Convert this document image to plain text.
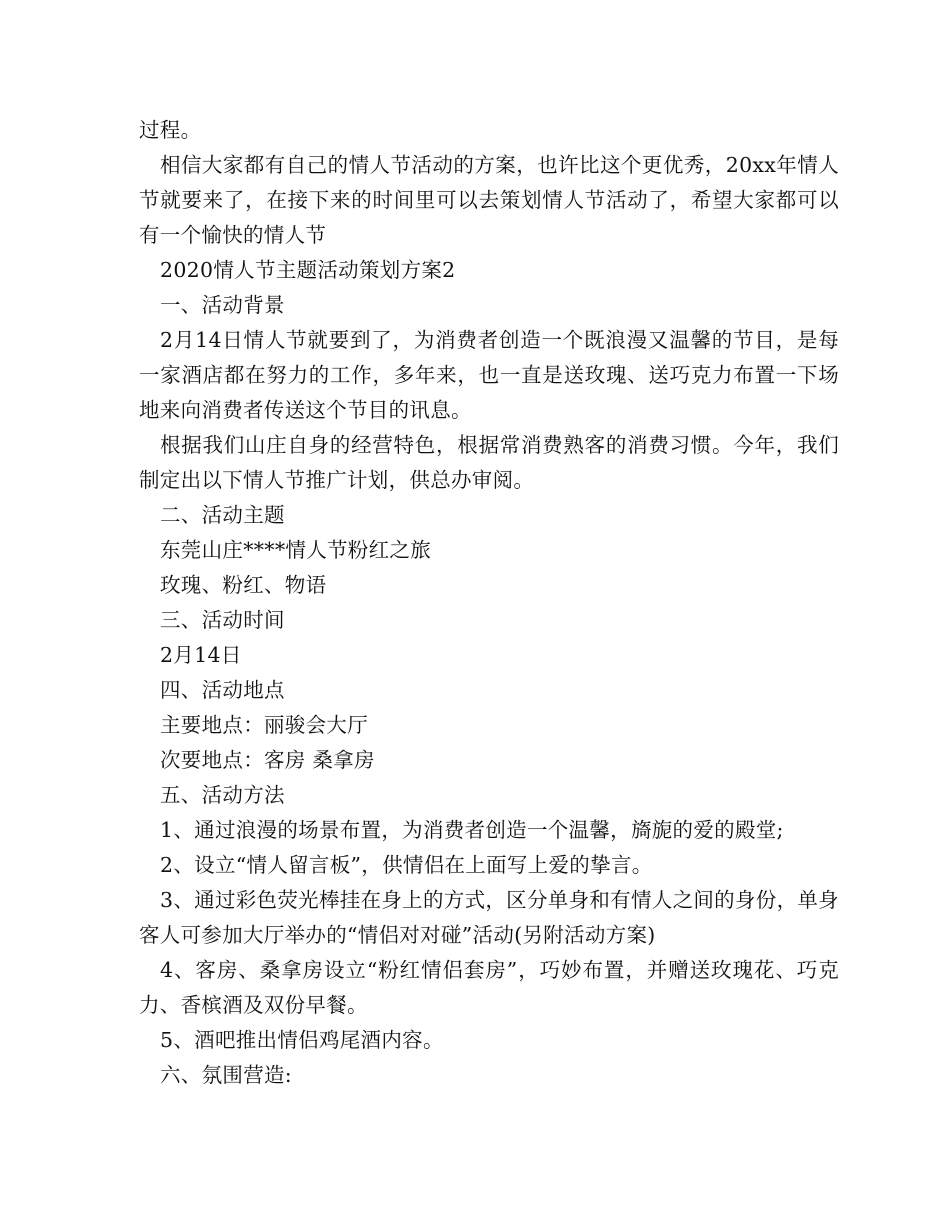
过程。

相信大家都有自己的情人节活动的方案，也许比这个更优秀，20xx年情人节就要来了，在接下来的时间里可以去策划情人节活动了，希望大家都可以有一个愉快的情人节

2020情人节主题活动策划方案2

一、活动背景

2月14日情人节就要到了，为消费者创造一个既浪漫又温馨的节目，是每一家酒店都在努力的工作，多年来，也一直是送玫瑰、送巧克力布置一下场地来向消费者传送这个节目的讯息。

根据我们山庄自身的经营特色，根据常消费熟客的消费习惯。今年，我们制定出以下情人节推广计划，供总办审阅。

二、活动主题

东莞山庄****情人节粉红之旅

玫瑰、粉红、物语

三、活动时间

2月14日

四、活动地点

主要地点：丽骏会大厅

次要地点：客房 桑拿房

五、活动方法

1、通过浪漫的场景布置，为消费者创造一个温馨，旖旎的爱的殿堂;

2、设立“情人留言板”，供情侣在上面写上爱的挚言。

3、通过彩色荧光棒挂在身上的方式，区分单身和有情人之间的身份，单身客人可参加大厅举办的“情侣对对碰”活动(另附活动方案)

4、客房、桑拿房设立“粉红情侣套房”，巧妙布置，并赠送玫瑰花、巧克力、香槟酒及双份早餐。

5、酒吧推出情侣鸡尾酒内容。

六、氛围营造:
